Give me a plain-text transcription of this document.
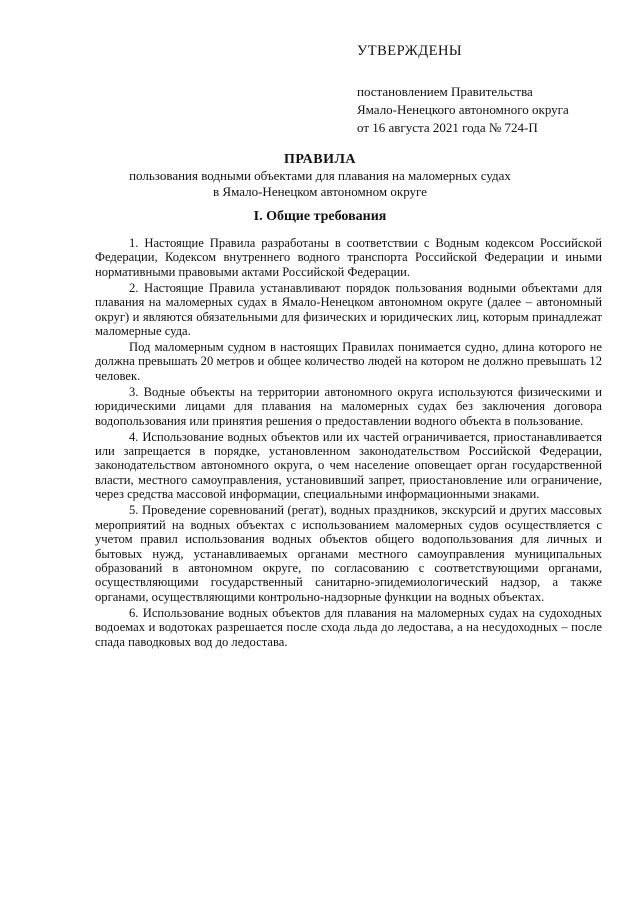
УТВЕРЖДЕНЫ
постановлением Правительства
Ямало-Ненецкого автономного округа
от 16 августа 2021 года № 724-П
ПРАВИЛА
пользования водными объектами для плавания на маломерных судах
в Ямало-Ненецком автономном округе
I. Общие требования

1. Настоящие Правила разработаны в соответствии с Водным кодексом Российской Федерации, Кодексом внутреннего водного транспорта Российской Федерации и иными нормативными правовыми актами Российской Федерации.

2. Настоящие Правила устанавливают порядок пользования водными объектами для плавания на маломерных судах в Ямало-Ненецком автономном округе (далее – автономный округ) и являются обязательными для физических и юридических лиц, которым принадлежат маломерные суда.

Под маломерным судном в настоящих Правилах понимается судно, длина которого не должна превышать 20 метров и общее количество людей на котором не должно превышать 12 человек.

3. Водные объекты на территории автономного округа используются физическими и юридическими лицами для плавания на маломерных судах без заключения договора водопользования или принятия решения о предоставлении водного объекта в пользование.

4. Использование водных объектов или их частей ограничивается, приостанавливается или запрещается в порядке, установленном законодательством Российской Федерации, законодательством автономного округа, о чем население оповещает орган государственной власти, местного самоуправления, установивший запрет, приостановление или ограничение, через средства массовой информации, специальными информационными знаками.

5. Проведение соревнований (регат), водных праздников, экскурсий и других массовых мероприятий на водных объектах с использованием маломерных судов осуществляется с учетом правил использования водных объектов общего водопользования для личных и бытовых нужд, устанавливаемых органами местного самоуправления муниципальных образований в автономном округе, по согласованию с соответствующими органами, осуществляющими государственный санитарно-эпидемиологический надзор, а также органами, осуществляющими контрольно-надзорные функции на водных объектах.

6. Использование водных объектов для плавания на маломерных судах на судоходных водоемах и водотоках разрешается после схода льда до ледостава, а на несудоходных – после спада паводковых вод до ледостава.
